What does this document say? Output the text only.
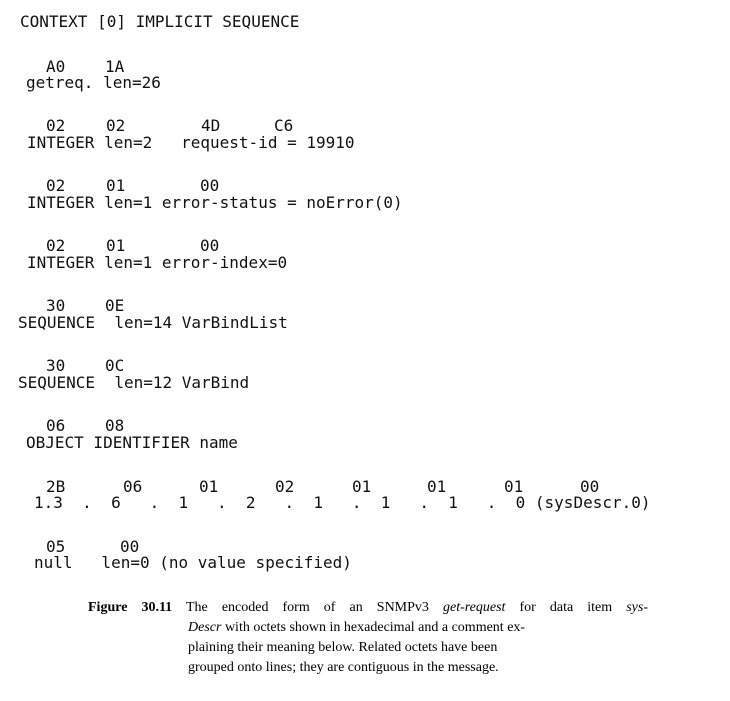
CONTEXT [0] IMPLICIT SEQUENCE
A0 1A
getreq. len=26
02	02	4D	C6
INTEGER len=2   request-id = 19910
02	01	00
INTEGER len=1 error-status = noError(0)
02	01	00
INTEGER len=1 error-index=0
30 0E
SEQUENCE  len=14 VarBindList
30 0C
SEQUENCE  len=12 VarBind
06 08
OBJECT IDENTIFIER name
2B	06	01	02	01	01	01	00
1.3  .  6   .  1   .  2   .  1   .  1   .  1   .  0 (sysDescr.0)
05	00
null   len=0 (no value specified)
Figure 30.11 The encoded form of an SNMPv3 get-request for data item sys-
Descr with octets shown in hexadecimal and a comment ex-
plaining their meaning below. Related octets have been
grouped onto lines; they are contiguous in the message.
